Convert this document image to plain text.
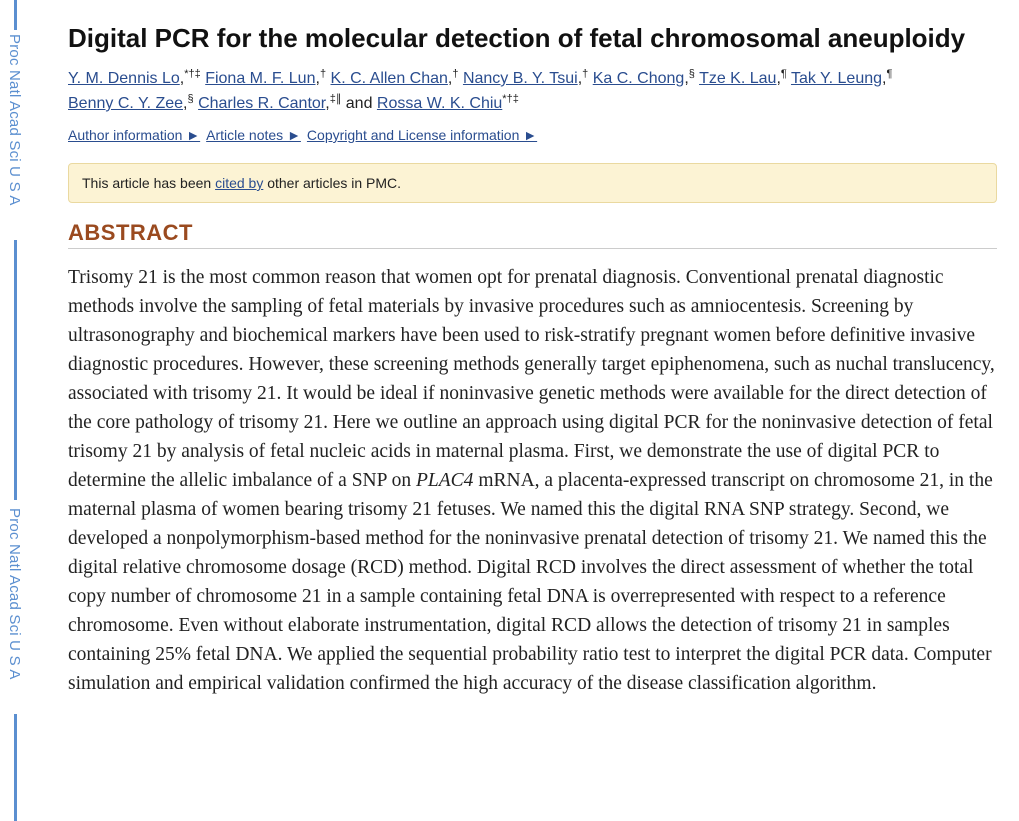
Proc Natl Acad Sci U S A
Proc Natl Acad Sci U S A
Digital PCR for the molecular detection of fetal chromosomal aneuploidy
Y. M. Dennis Lo,*†‡ Fiona M. F. Lun,† K. C. Allen Chan,† Nancy B. Y. Tsui,† Ka C. Chong,§ Tze K. Lau,¶ Tak Y. Leung,¶
Benny C. Y. Zee,§ Charles R. Cantor,‡∥ and Rossa W. K. Chiu*†‡
Author information ► Article notes ► Copyright and License information ►
This article has been cited by other articles in PMC.
ABSTRACT
Trisomy 21 is the most common reason that women opt for prenatal diagnosis. Conventional prenatal diagnostic methods involve the sampling of fetal materials by invasive procedures such as amniocentesis. Screening by ultrasonography and biochemical markers have been used to risk-stratify pregnant women before definitive invasive diagnostic procedures. However, these screening methods generally target epiphenomena, such as nuchal translucency, associated with trisomy 21. It would be ideal if noninvasive genetic methods were available for the direct detection of the core pathology of trisomy 21. Here we outline an approach using digital PCR for the noninvasive detection of fetal trisomy 21 by analysis of fetal nucleic acids in maternal plasma. First, we demonstrate the use of digital PCR to determine the allelic imbalance of a SNP on PLAC4 mRNA, a placenta-expressed transcript on chromosome 21, in the maternal plasma of women bearing trisomy 21 fetuses. We named this the digital RNA SNP strategy. Second, we developed a nonpolymorphism-based method for the noninvasive prenatal detection of trisomy 21. We named this the digital relative chromosome dosage (RCD) method. Digital RCD involves the direct assessment of whether the total copy number of chromosome 21 in a sample containing fetal DNA is overrepresented with respect to a reference chromosome. Even without elaborate instrumentation, digital RCD allows the detection of trisomy 21 in samples containing 25% fetal DNA. We applied the sequential probability ratio test to interpret the digital PCR data. Computer simulation and empirical validation confirmed the high accuracy of the disease classification algorithm.
